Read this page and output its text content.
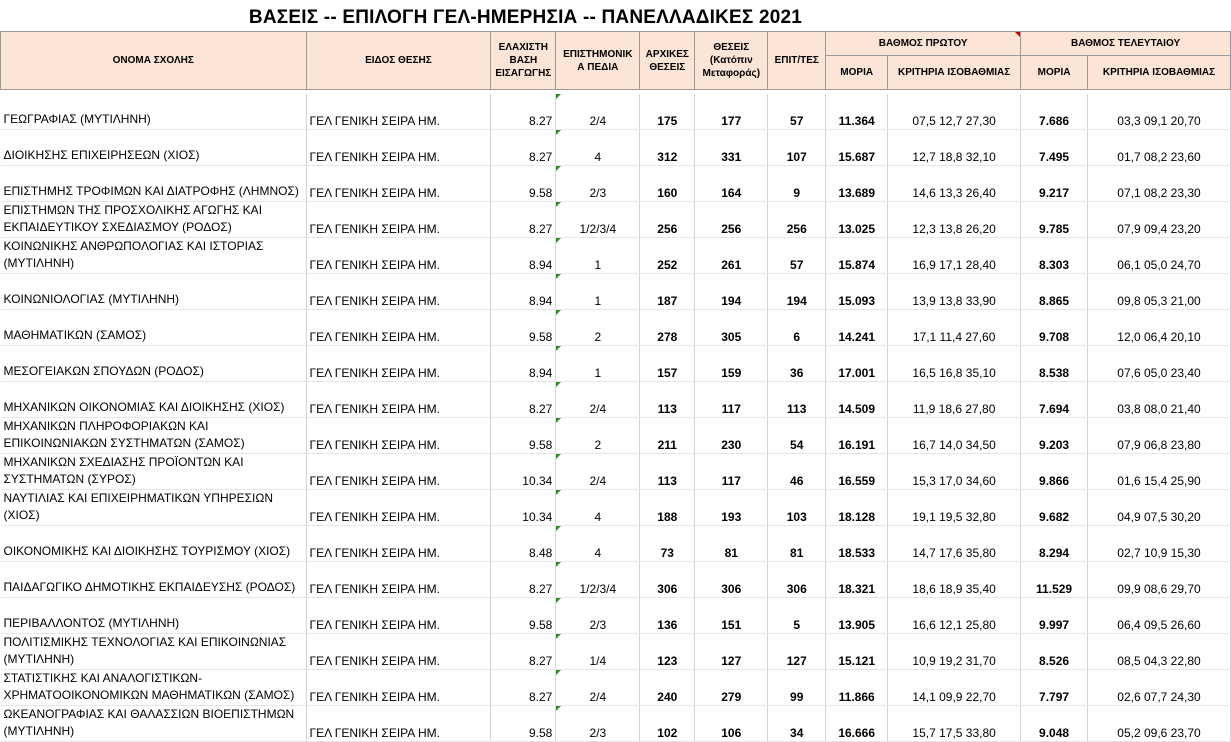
ΒΑΣΕΙΣ -- ΕΠΙΛΟΓΗ ΓΕΛ-ΗΜΕΡΗΣΙΑ -- ΠΑΝΕΛΛΑΔΙΚΕΣ 2021
ΟΝΟΜΑ ΣΧΟΛΗΣ	ΕΙΔΟΣ ΘΕΣΗΣ	ΕΛΑΧΙΣΤΗ ΒΑΣΗ ΕΙΣΑΓΩΓΗΣ	ΕΠΙΣΤΗΜΟΝΙΚ Α ΠΕΔΙΑ	ΑΡΧΙΚΕΣ ΘΕΣΕΙΣ	ΘΕΣΕΙΣ (Κατόπιν Μεταφοράς)	ΕΠΙΤ/ΤΕΣ	ΒΑΘΜΟΣ ΠΡΩΤΟΥ		ΒΑΘΜΟΣ ΤΕΛΕΥΤΑΙΟΥ	
							ΜΟΡΙΑ	ΚΡΙΤΗΡΙΑ ΙΣΟΒΑΘΜΙΑΣ	ΜΟΡΙΑ	ΚΡΙΤΗΡΙΑ ΙΣΟΒΑΘΜΙΑΣ

ΓΕΩΓΡΑΦΙΑΣ (ΜΥΤΙΛΗΝΗ)	ΓΕΛ ΓΕΝΙΚΗ ΣΕΙΡΑ ΗΜ.	8.27	2/4	175	177	57	11.364	07,5 12,7 27,30	7.686	03,3 09,1 20,70
ΔΙΟΙΚΗΣΗΣ ΕΠΙΧΕΙΡΗΣΕΩΝ (ΧΙΟΣ)	ΓΕΛ ΓΕΝΙΚΗ ΣΕΙΡΑ ΗΜ.	8.27	4	312	331	107	15.687	12,7 18,8 32,10	7.495	01,7 08,2 23,60
ΕΠΙΣΤΗΜΗΣ ΤΡΟΦΙΜΩΝ ΚΑΙ ΔΙΑΤΡΟΦΗΣ (ΛΗΜΝΟΣ)	ΓΕΛ ΓΕΝΙΚΗ ΣΕΙΡΑ ΗΜ.	9.58	2/3	160	164	9	13.689	14,6 13,3 26,40	9.217	07,1 08,2 23,30
ΕΠΙΣΤΗΜΩΝ ΤΗΣ ΠΡΟΣΧΟΛΙΚΗΣ ΑΓΩΓΗΣ ΚΑΙ ΕΚΠΑΙΔΕΥΤΙΚΟΥ ΣΧΕΔΙΑΣΜΟΥ (ΡΟΔΟΣ)	ΓΕΛ ΓΕΝΙΚΗ ΣΕΙΡΑ ΗΜ.	8.27	1/2/3/4	256	256	256	13.025	12,3 13,8 26,20	9.785	07,9 09,4 23,20
ΚΟΙΝΩΝΙΚΗΣ ΑΝΘΡΩΠΟΛΟΓΙΑΣ ΚΑΙ ΙΣΤΟΡΙΑΣ (ΜΥΤΙΛΗΝΗ)	ΓΕΛ ΓΕΝΙΚΗ ΣΕΙΡΑ ΗΜ.	8.94	1	252	261	57	15.874	16,9 17,1 28,40	8.303	06,1 05,0 24,70
ΚΟΙΝΩΝΙΟΛΟΓΙΑΣ (ΜΥΤΙΛΗΝΗ)	ΓΕΛ ΓΕΝΙΚΗ ΣΕΙΡΑ ΗΜ.	8.94	1	187	194	194	15.093	13,9 13,8 33,90	8.865	09,8 05,3 21,00
ΜΑΘΗΜΑΤΙΚΩΝ (ΣΑΜΟΣ)	ΓΕΛ ΓΕΝΙΚΗ ΣΕΙΡΑ ΗΜ.	9.58	2	278	305	6	14.241	17,1 11,4 27,60	9.708	12,0 06,4 20,10
ΜΕΣΟΓΕΙΑΚΩΝ ΣΠΟΥΔΩΝ (ΡΟΔΟΣ)	ΓΕΛ ΓΕΝΙΚΗ ΣΕΙΡΑ ΗΜ.	8.94	1	157	159	36	17.001	16,5 16,8 35,10	8.538	07,6 05,0 23,40
ΜΗΧΑΝΙΚΩΝ ΟΙΚΟΝΟΜΙΑΣ ΚΑΙ ΔΙΟΙΚΗΣΗΣ (ΧΙΟΣ)	ΓΕΛ ΓΕΝΙΚΗ ΣΕΙΡΑ ΗΜ.	8.27	2/4	113	117	113	14.509	11,9 18,6 27,80	7.694	03,8 08,0 21,40
ΜΗΧΑΝΙΚΩΝ ΠΛΗΡΟΦΟΡΙΑΚΩΝ ΚΑΙ ΕΠΙΚΟΙΝΩΝΙΑΚΩΝ ΣΥΣΤΗΜΑΤΩΝ (ΣΑΜΟΣ)	ΓΕΛ ΓΕΝΙΚΗ ΣΕΙΡΑ ΗΜ.	9.58	2	211	230	54	16.191	16,7 14,0 34,50	9.203	07,9 06,8 23,80
ΜΗΧΑΝΙΚΩΝ ΣΧΕΔΙΑΣΗΣ ΠΡΟΪΟΝΤΩΝ ΚΑΙ ΣΥΣΤΗΜΑΤΩΝ (ΣΥΡΟΣ)	ΓΕΛ ΓΕΝΙΚΗ ΣΕΙΡΑ ΗΜ.	10.34	2/4	113	117	46	16.559	15,3 17,0 34,60	9.866	01,6 15,4 25,90
ΝΑΥΤΙΛΙΑΣ ΚΑΙ ΕΠΙΧΕΙΡΗΜΑΤΙΚΩΝ ΥΠΗΡΕΣΙΩΝ (ΧΙΟΣ)	ΓΕΛ ΓΕΝΙΚΗ ΣΕΙΡΑ ΗΜ.	10.34	4	188	193	103	18.128	19,1 19,5 32,80	9.682	04,9 07,5 30,20
ΟΙΚΟΝΟΜΙΚΗΣ ΚΑΙ ΔΙΟΙΚΗΣΗΣ ΤΟΥΡΙΣΜΟΥ (ΧΙΟΣ)	ΓΕΛ ΓΕΝΙΚΗ ΣΕΙΡΑ ΗΜ.	8.48	4	73	81	81	18.533	14,7 17,6 35,80	8.294	02,7 10,9 15,30
ΠΑΙΔΑΓΩΓΙΚΟ ΔΗΜΟΤΙΚΗΣ ΕΚΠΑΙΔΕΥΣΗΣ (ΡΟΔΟΣ)	ΓΕΛ ΓΕΝΙΚΗ ΣΕΙΡΑ ΗΜ.	8.27	1/2/3/4	306	306	306	18.321	18,6 18,9 35,40	11.529	09,9 08,6 29,70
ΠΕΡΙΒΑΛΛΟΝΤΟΣ (ΜΥΤΙΛΗΝΗ)	ΓΕΛ ΓΕΝΙΚΗ ΣΕΙΡΑ ΗΜ.	9.58	2/3	136	151	5	13.905	16,6 12,1 25,80	9.997	06,4 09,5 26,60
ΠΟΛΙΤΙΣΜΙΚΗΣ ΤΕΧΝΟΛΟΓΙΑΣ ΚΑΙ ΕΠΙΚΟΙΝΩΝΙΑΣ (ΜΥΤΙΛΗΝΗ)	ΓΕΛ ΓΕΝΙΚΗ ΣΕΙΡΑ ΗΜ.	8.27	1/4	123	127	127	15.121	10,9 19,2 31,70	8.526	08,5 04,3 22,80
ΣΤΑΤΙΣΤΙΚΗΣ ΚΑΙ ΑΝΑΛΟΓΙΣΤΙΚΩΝ-ΧΡΗΜΑΤΟΟΙΚΟΝΟΜΙΚΩΝ ΜΑΘΗΜΑΤΙΚΩΝ (ΣΑΜΟΣ)	ΓΕΛ ΓΕΝΙΚΗ ΣΕΙΡΑ ΗΜ.	8.27	2/4	240	279	99	11.866	14,1 09,9 22,70	7.797	02,6 07,7 24,30
ΩΚΕΑΝΟΓΡΑΦΙΑΣ ΚΑΙ ΘΑΛΑΣΣΙΩΝ ΒΙΟΕΠΙΣΤΗΜΩΝ (ΜΥΤΙΛΗΝΗ)	ΓΕΛ ΓΕΝΙΚΗ ΣΕΙΡΑ ΗΜ.	9.58	2/3	102	106	34	16.666	15,7 17,5 33,80	9.048	05,2 09,6 23,70
